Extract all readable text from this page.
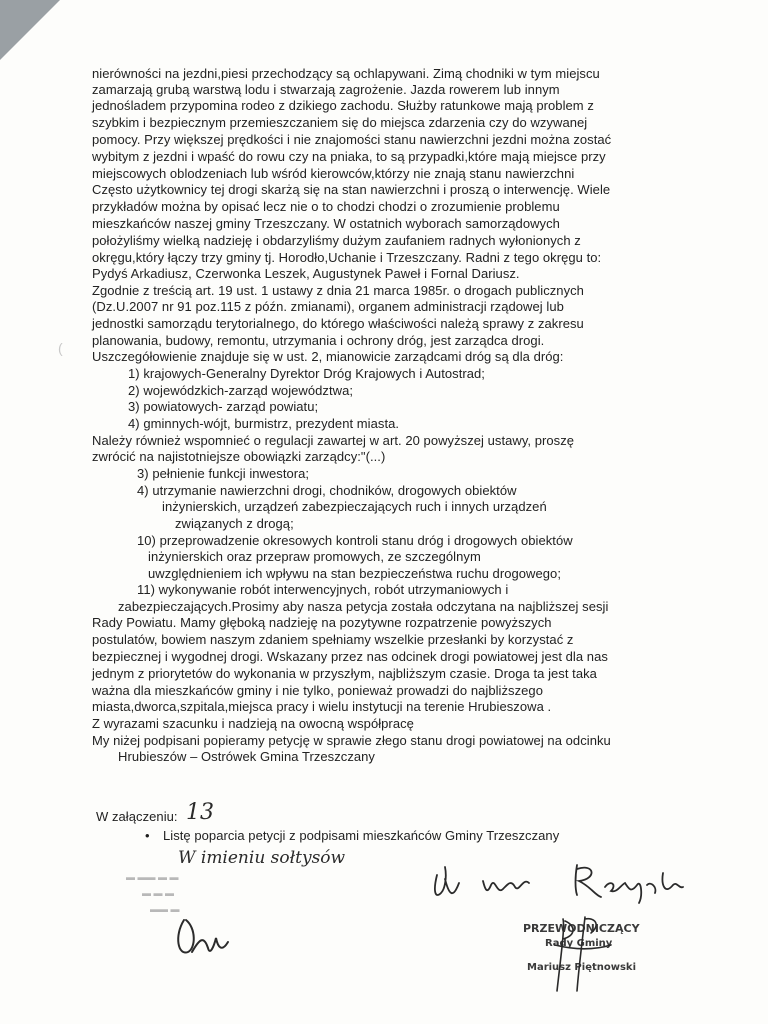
nierówności na jezdni,piesi przechodzący są ochlapywani. Zimą chodniki w tym miejscu
zamarzają grubą warstwą lodu i stwarzają zagrożenie. Jazda rowerem lub innym
jednośladem przypomina rodeo z dzikiego zachodu. Służby ratunkowe mają problem z
szybkim i bezpiecznym przemieszczaniem się do miejsca zdarzenia czy do wzywanej
pomocy. Przy większej prędkości i nie znajomości stanu nawierzchni jezdni można zostać
wybitym z jezdni i wpaść do rowu czy na pniaka, to są przypadki,które mają miejsce przy
miejscowych oblodzeniach lub wśród kierowców,którzy nie znają stanu nawierzchni
Często użytkownicy tej drogi skarżą się na stan nawierzchni i proszą o interwencję. Wiele
przykładów można by opisać lecz nie o to chodzi chodzi o zrozumienie problemu
mieszkańców naszej gminy Trzeszczany. W ostatnich wyborach samorządowych
położyliśmy wielką nadzieję i obdarzyliśmy dużym zaufaniem radnych wyłonionych z
okręgu,który łączy trzy gminy tj. Horodło,Uchanie i Trzeszczany. Radni z tego okręgu to:
Pydyś Arkadiusz, Czerwonka Leszek, Augustynek Paweł i Fornal Dariusz.
Zgodnie z treścią art. 19 ust. 1 ustawy z dnia 21 marca 1985r. o drogach publicznych
(Dz.U.2007 nr 91 poz.115 z późn. zmianami), organem administracji rządowej lub
jednostki samorządu terytorialnego, do którego właściwości należą sprawy z zakresu
planowania, budowy, remontu, utrzymania i ochrony dróg, jest zarządca drogi.
Uszczegółowienie znajduje się w ust. 2, mianowicie zarządcami dróg są dla dróg:
1) krajowych-Generalny Dyrektor Dróg Krajowych i Autostrad;
2) wojewódzkich-zarząd województwa;
3) powiatowych- zarząd powiatu;
4) gminnych-wójt, burmistrz, prezydent miasta.
Należy również wspomnieć o regulacji zawartej w art. 20 powyższej ustawy, proszę
zwrócić na najistotniejsze obowiązki zarządcy:"(...)
3) pełnienie funkcji inwestora;
4) utrzymanie nawierzchni drogi, chodników, drogowych obiektów
inżynierskich, urządzeń zabezpieczających ruch i innych urządzeń
związanych z drogą;
10) przeprowadzenie okresowych kontroli stanu dróg i drogowych obiektów
inżynierskich oraz przepraw promowych, ze szczególnym
uwzględnieniem ich wpływu na stan bezpieczeństwa ruchu drogowego;
11) wykonywanie robót interwencyjnych, robót utrzymaniowych i
zabezpieczających.Prosimy aby nasza petycja została odczytana na najbliższej sesji
Rady Powiatu. Mamy głęboką nadzieję na pozytywne rozpatrzenie powyższych
postulatów, bowiem naszym zdaniem spełniamy wszelkie przesłanki by korzystać z
bezpiecznej i wygodnej drogi. Wskazany przez nas odcinek drogi powiatowej jest dla nas
jednym z priorytetów do wykonania w przyszłym, najbliższym czasie. Droga ta jest taka
ważna dla mieszkańców gminy i nie tylko, ponieważ prowadzi do najbliższego
miasta,dworca,szpitala,miejsca pracy i wielu instytucji na terenie Hrubieszowa .
Z wyrazami szacunku i nadzieją na owocną współpracę
My niżej podpisani popieramy petycję w sprawie złego stanu drogi powiatowej na odcinku
Hrubieszów – Ostrówek Gmina Trzeszczany
(
W załączeniu: 13
• Listę poparcia petycji z podpisami mieszkańców Gminy Trzeszczany
W imieniu sołtysów
▬ ▬▬ ▬ ▬
▬ ▬ ▬
▬▬ ▬
PRZEWODNICZĄCY
Rady Gminy
Mariusz Piętnowski
